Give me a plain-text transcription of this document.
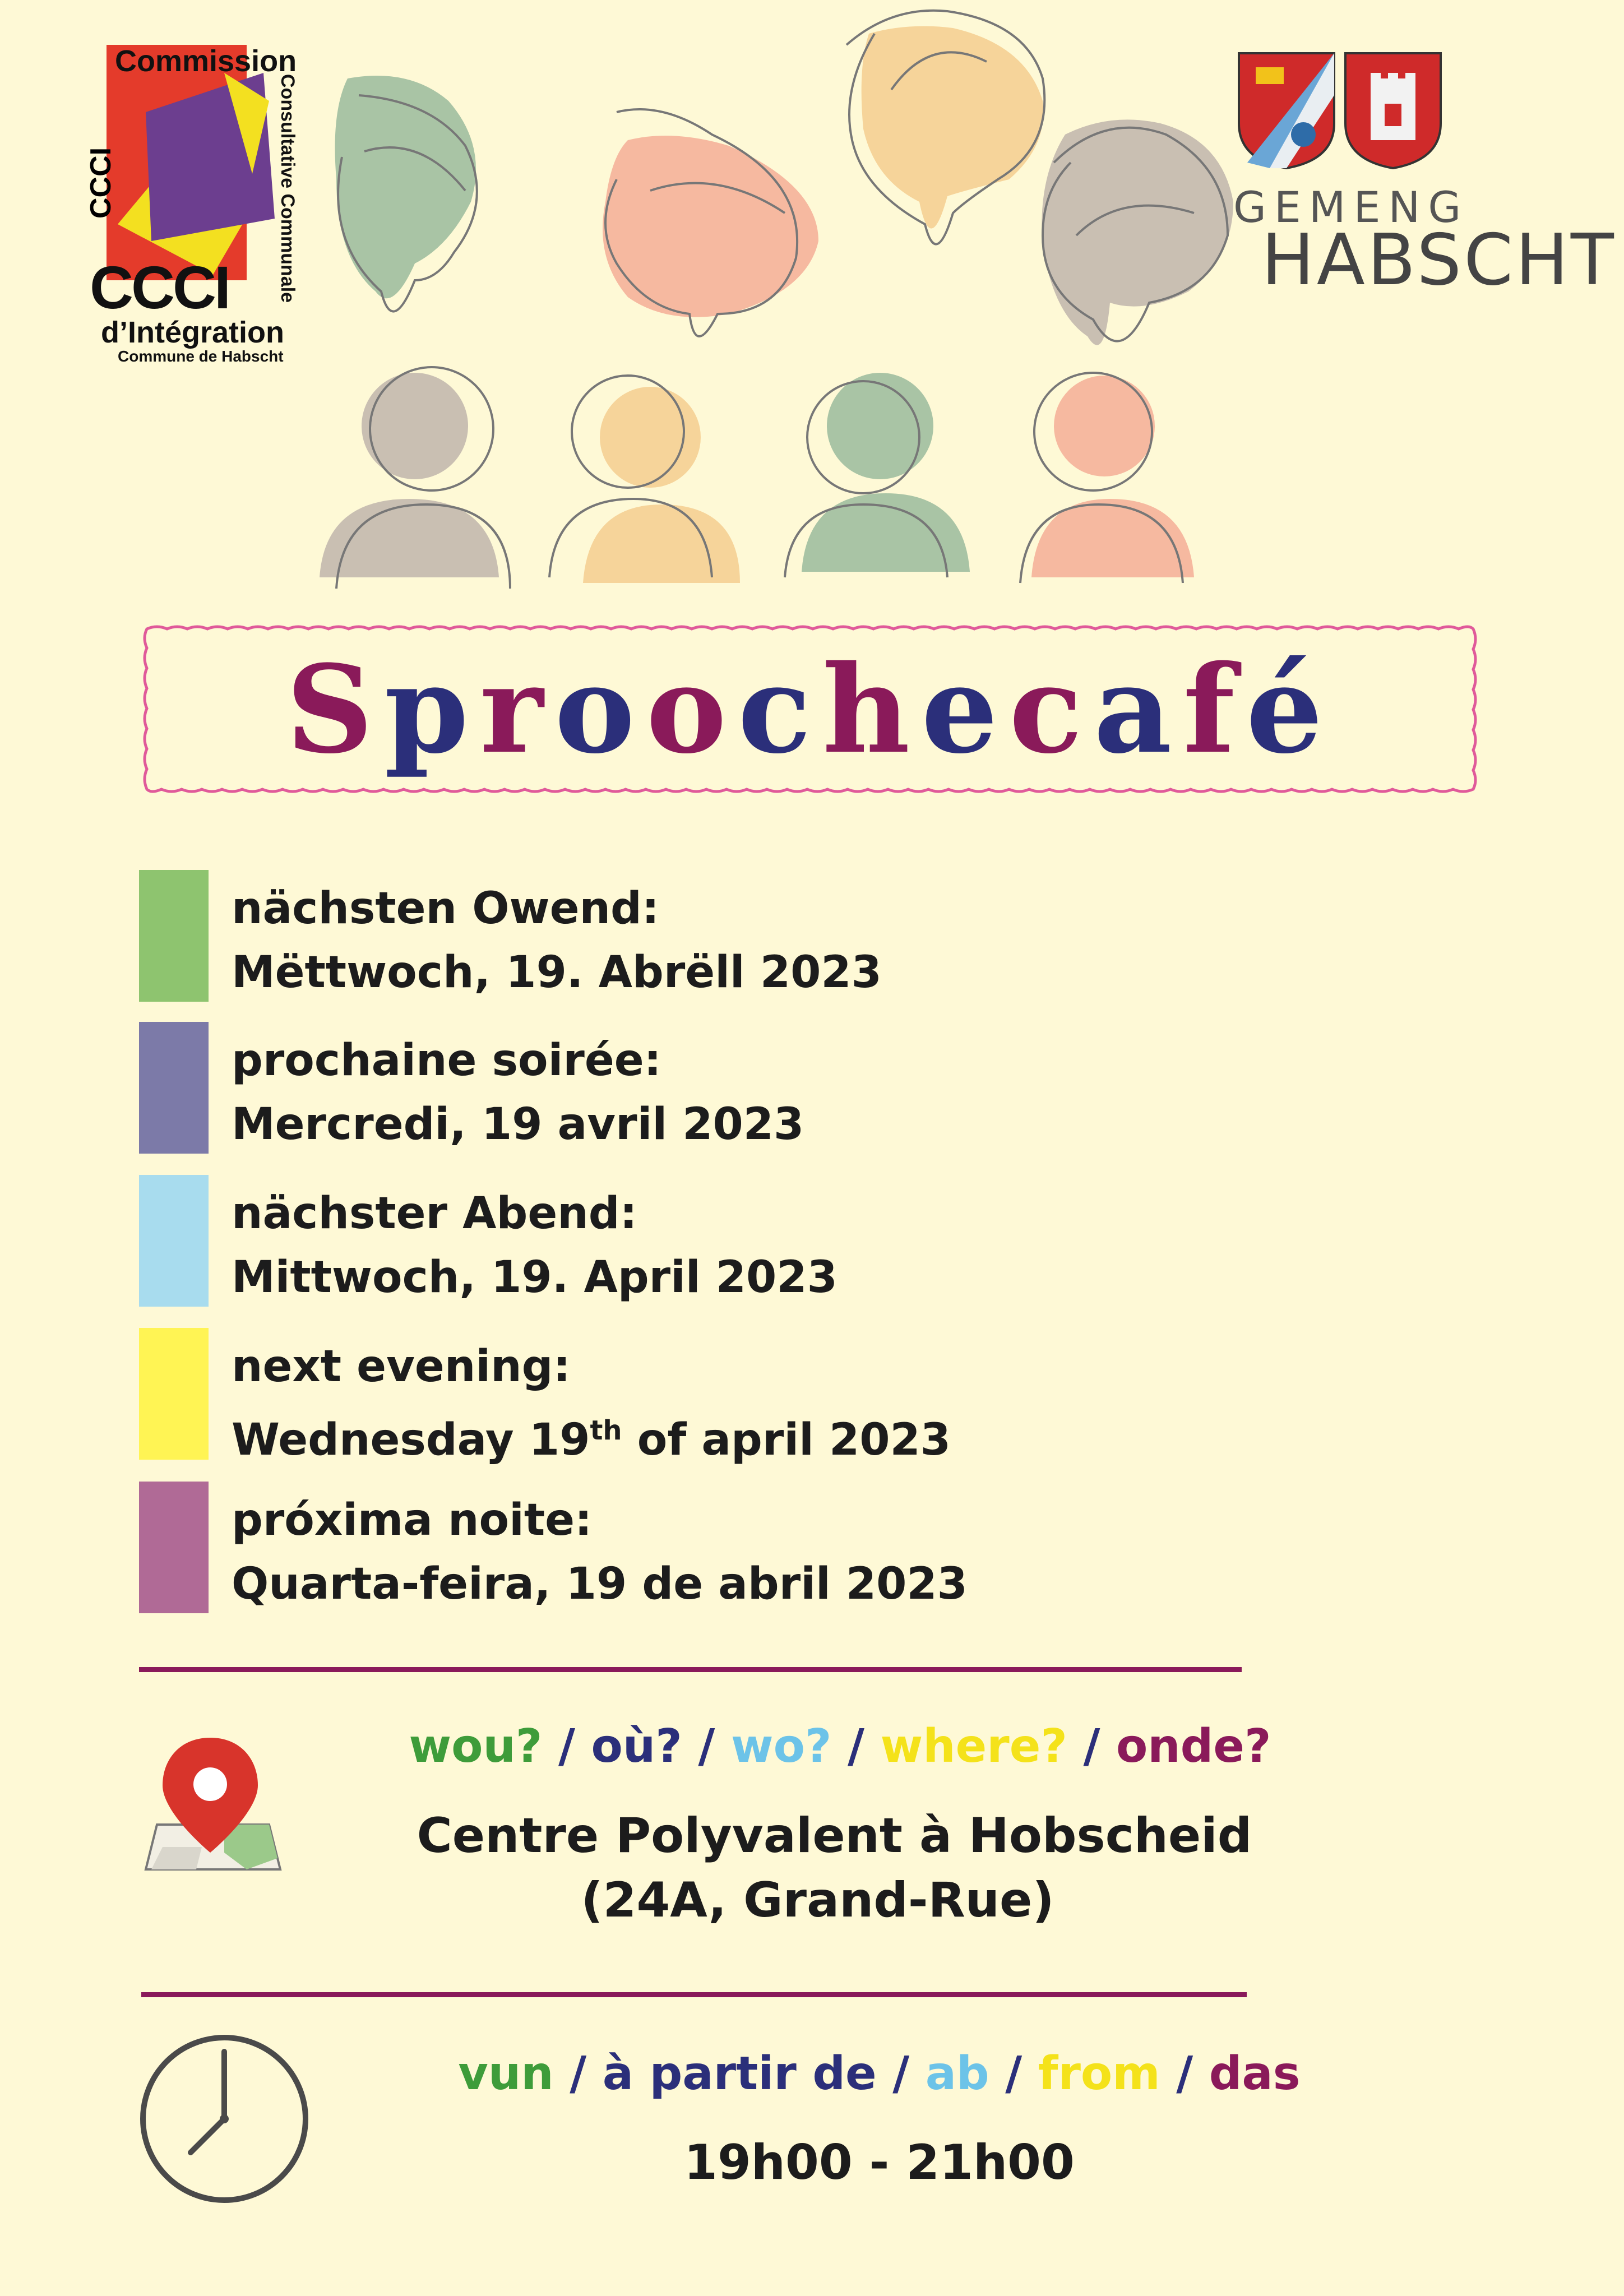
Commission
CCCI	Consultative Communale
CCCI
d’Intégration
Commune de Habscht
GEMENG
HABSCHT
S p r o o c h e c a f é
nächsten Owend:
Mëttwoch, 19. Abrëll 2023
prochaine soirée:
Mercredi, 19 avril 2023
nächster Abend:
Mittwoch, 19. April 2023
next evening:
Wednesday 19th of april 2023
próxima noite:
Quarta-feira, 19 de abril 2023
wou? / où? / wo? / where? / onde?
Centre Polyvalent à Hobscheid
(24A, Grand-Rue)
vun / à partir de / ab / from / das
19h00 - 21h00
